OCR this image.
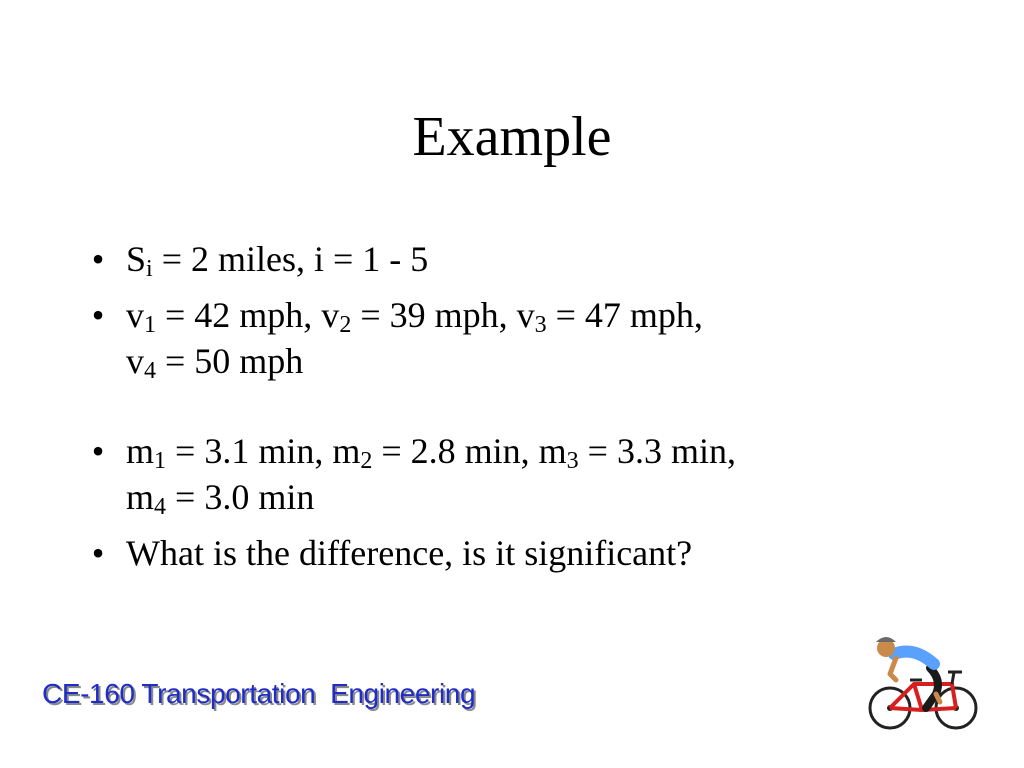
Example
• $S_i = 2$ miles, i = 1 - 5
• $v_1 = 42$ mph, $v_2 = 39$ mph, $v_3 = 47$ mph,
$v_4 = 50$ mph
• $m_1 = 3.1$ min, $m_2 = 2.8$ min, $m_3 = 3.3$ min,
$m_4 = 3.0$ min
• What is the difference, is it significant?
CE-160 Transportation  Engineering
